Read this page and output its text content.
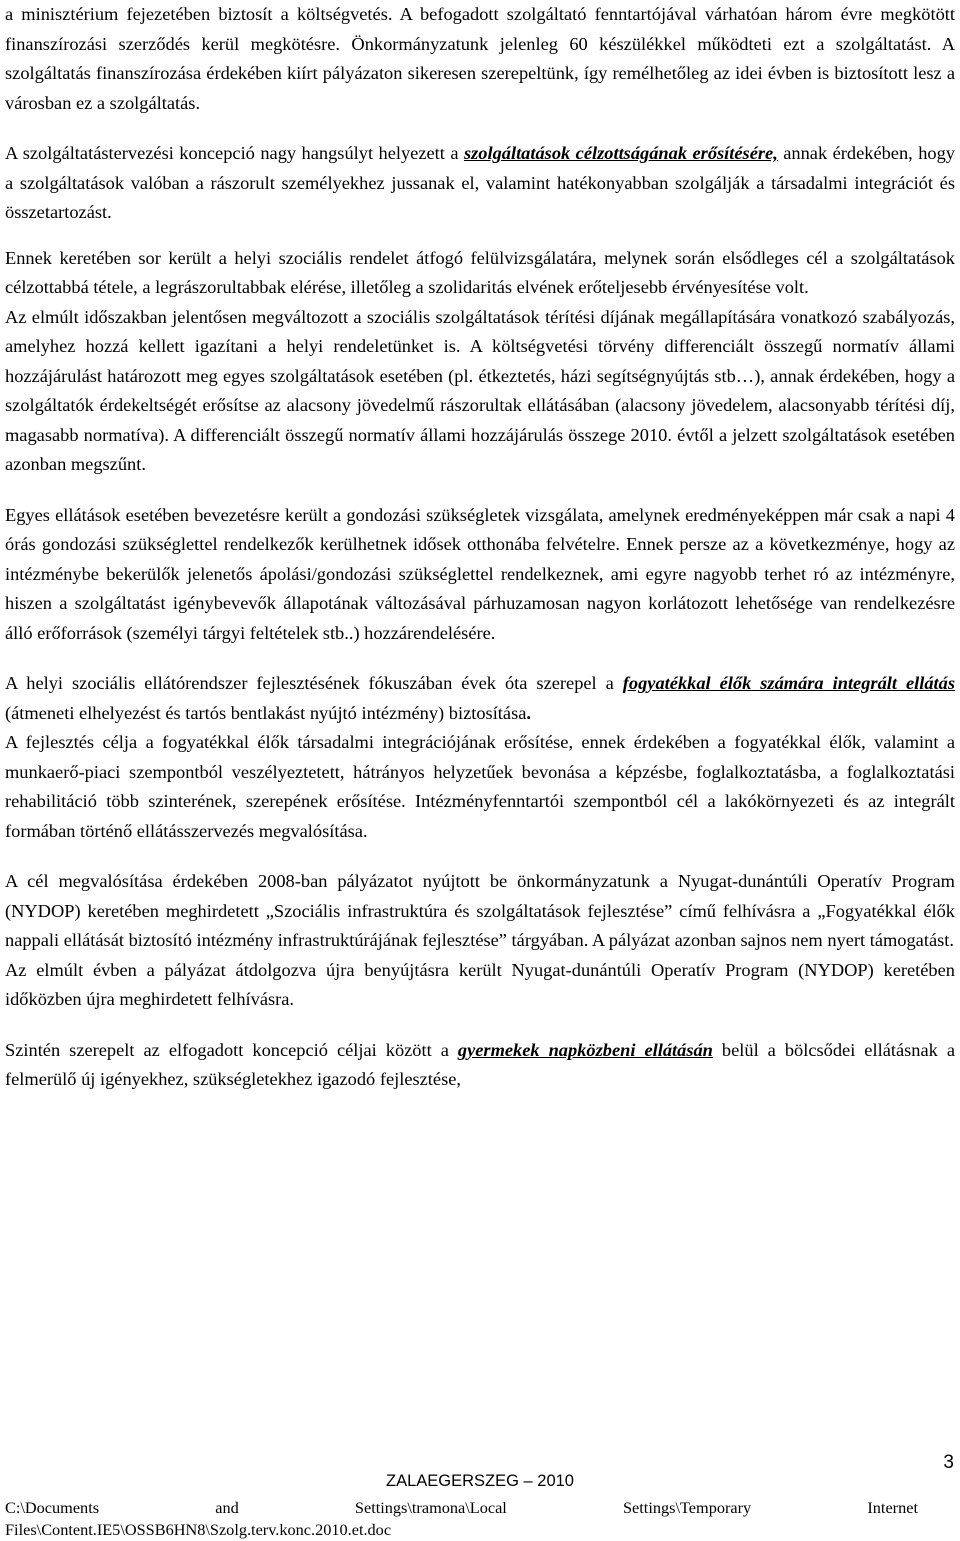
a minisztérium fejezetében biztosít a költségvetés. A befogadott szolgáltató fenntartójával várhatóan három évre megkötött finanszírozási szerződés kerül megkötésre. Önkormányzatunk jelenleg 60 készülékkel működteti ezt a szolgáltatást. A szolgáltatás finanszírozása érdekében kiírt pályázaton sikeresen szerepeltünk, így remélhetőleg az idei évben is biztosított lesz a városban ez a szolgáltatás.

A szolgáltatástervezési koncepció nagy hangsúlyt helyezett a szolgáltatások célzottságának erősítésére, annak érdekében, hogy a szolgáltatások valóban a rászorult személyekhez jussanak el, valamint hatékonyabban szolgálják a társadalmi integrációt és összetartozást.

Ennek keretében sor került a helyi szociális rendelet átfogó felülvizsgálatára, melynek során elsődleges cél a szolgáltatások célzottabbá tétele, a legrászorultabbak elérése, illetőleg a szolidaritás elvének erőteljesebb érvényesítése volt.

Az elmúlt időszakban jelentősen megváltozott a szociális szolgáltatások térítési díjának megállapítására vonatkozó szabályozás, amelyhez hozzá kellett igazítani a helyi rendeletünket is. A költségvetési törvény differenciált összegű normatív állami hozzájárulást határozott meg egyes szolgáltatások esetében (pl. étkeztetés, házi segítségnyújtás stb…), annak érdekében, hogy a szolgáltatók érdekeltségét erősítse az alacsony jövedelmű rászorultak ellátásában (alacsony jövedelem, alacsonyabb térítési díj, magasabb normatíva). A differenciált összegű normatív állami hozzájárulás összege 2010. évtől a jelzett szolgáltatások esetében azonban megszűnt.

Egyes ellátások esetében bevezetésre került a gondozási szükségletek vizsgálata, amelynek eredményeképpen már csak a napi 4 órás gondozási szükséglettel rendelkezők kerülhetnek idősek otthonába felvételre. Ennek persze az a következménye, hogy az intézménybe bekerülők jelenetős ápolási/gondozási szükséglettel rendelkeznek, ami egyre nagyobb terhet ró az intézményre, hiszen a szolgáltatást igénybevevők állapotának változásával párhuzamosan nagyon korlátozott lehetősége van rendelkezésre álló erőforrások (személyi tárgyi feltételek stb..) hozzárendelésére.

A helyi szociális ellátórendszer fejlesztésének fókuszában évek óta szerepel a fogyatékkal élők számára integrált ellátás (átmeneti elhelyezést és tartós bentlakást nyújtó intézmény) biztosítása.

A fejlesztés célja a fogyatékkal élők társadalmi integrációjának erősítése, ennek érdekében a fogyatékkal élők, valamint a munkaerő-piaci szempontból veszélyeztetett, hátrányos helyzetűek bevonása a képzésbe, foglalkoztatásba, a foglalkoztatási rehabilitáció több szinterének, szerepének erősítése. Intézményfenntartói szempontból cél a lakókörnyezeti és az integrált formában történő ellátásszervezés megvalósítása.

A cél megvalósítása érdekében 2008-ban pályázatot nyújtott be önkormányzatunk a Nyugat-dunántúli Operatív Program (NYDOP) keretében meghirdetett „Szociális infrastruktúra és szolgáltatások fejlesztése” című felhívásra a „Fogyatékkal élők nappali ellátását biztosító intézmény infrastruktúrájának fejlesztése” tárgyában. A pályázat azonban sajnos nem nyert támogatást.

Az elmúlt évben a pályázat átdolgozva újra benyújtásra került Nyugat-dunántúli Operatív Program (NYDOP) keretében időközben újra meghirdetett felhívásra.

Szintén szerepelt az elfogadott koncepció céljai között a gyermekek napközbeni ellátásán belül a bölcsődei ellátásnak a felmerülő új igényekhez, szükségletekhez igazodó fejlesztése,

3
ZALAEGERSZEG – 2010
C:\Documents and Settings\tramona\Local Settings\Temporary Internet
Files\Content.IE5\OSSB6HN8\Szolg.terv.konc.2010.et.doc
